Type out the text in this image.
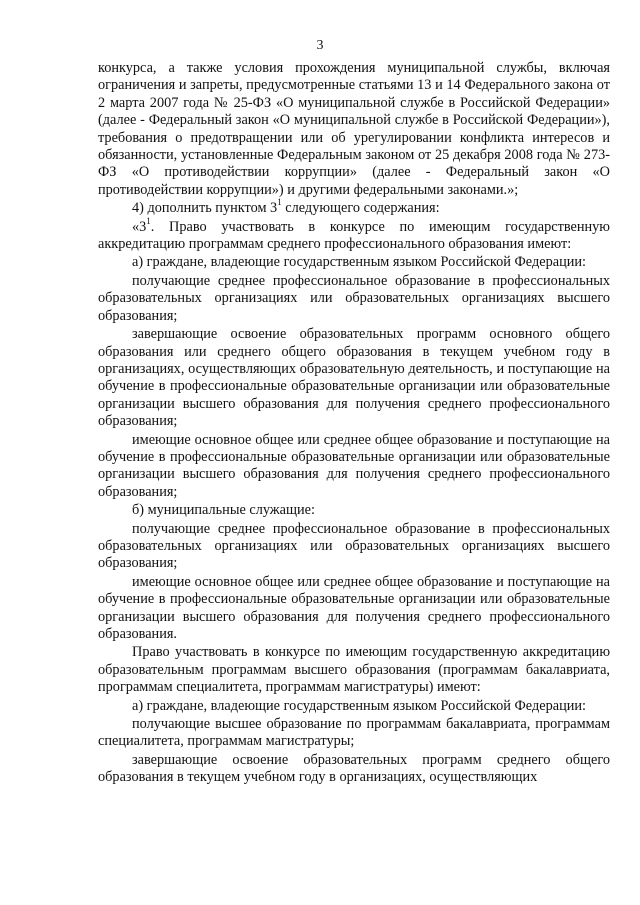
3

конкурса, а также условия прохождения муниципальной службы, включая ограничения и запреты, предусмотренные статьями 13 и 14 Федерального закона от 2 марта 2007 года № 25-ФЗ «О муниципальной службе в Российской Федерации» (далее - Федеральный закон «О муниципальной службе в Российской Федерации»), требования о предотвращении или об урегулировании конфликта интересов и обязанности, установленные Федеральным законом от 25 декабря 2008 года № 273-ФЗ «О противодействии коррупции» (далее - Федеральный закон «О противодействии коррупции») и другими федеральными законами.»;

4) дополнить пунктом $3^1$ следующего содержания:

«$3^1$. Право участвовать в конкурсе по имеющим государственную аккредитацию программам среднего профессионального образования имеют:

а) граждане, владеющие государственным языком Российской Федерации:

получающие среднее профессиональное образование в профессиональных образовательных организациях или образовательных организациях высшего образования;

завершающие освоение образовательных программ основного общего образования или среднего общего образования в текущем учебном году в организациях, осуществляющих образовательную деятельность, и поступающие на обучение в профессиональные образовательные организации или образовательные организации высшего образования для получения среднего профессионального образования;

имеющие основное общее или среднее общее образование и поступающие на обучение в профессиональные образовательные организации или образовательные организации высшего образования для получения среднего профессионального образования;

б) муниципальные служащие:

получающие среднее профессиональное образование в профессиональных образовательных организациях или образовательных организациях высшего образования;

имеющие основное общее или среднее общее образование и поступающие на обучение в профессиональные образовательные организации или образовательные организации высшего образования для получения среднего профессионального образования.

Право участвовать в конкурсе по имеющим государственную аккредитацию образовательным программам высшего образования (программам бакалавриата, программам специалитета, программам магистратуры) имеют:

а) граждане, владеющие государственным языком Российской Федерации:

получающие высшее образование по программам бакалавриата, программам специалитета, программам магистратуры;

завершающие освоение образовательных программ среднего общего образования в текущем учебном году в организациях, осуществляющих
